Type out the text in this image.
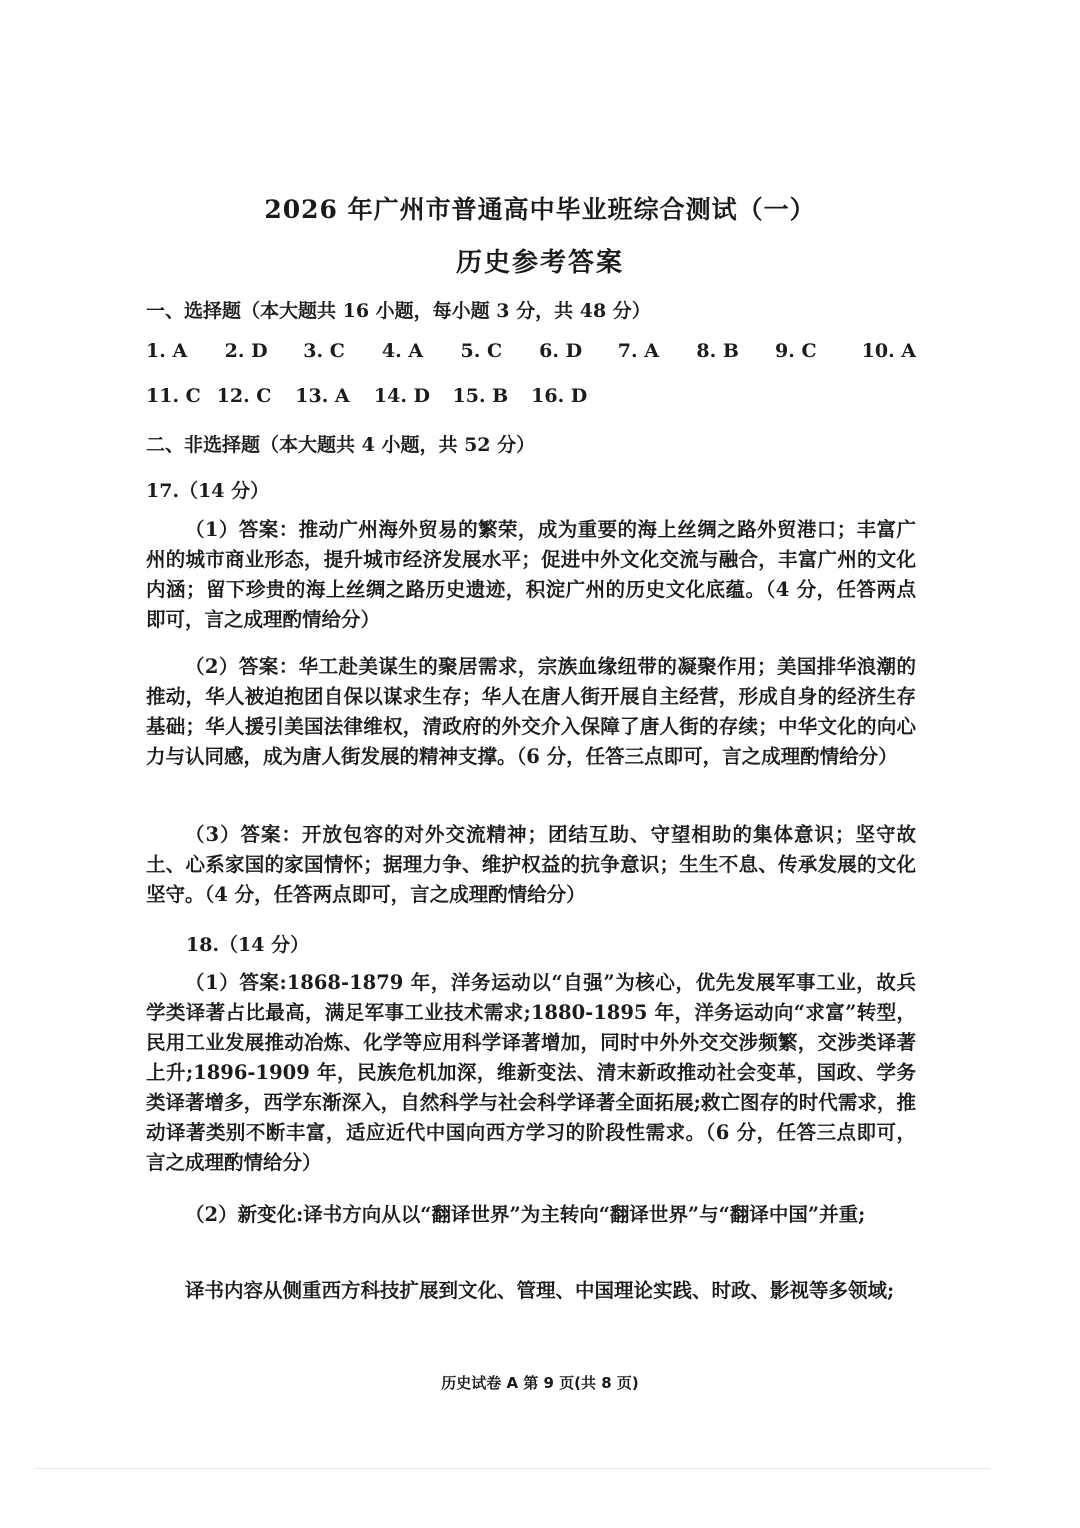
2026 年广州市普通高中毕业班综合测试（一）
历史参考答案
一、选择题（本大题共 16 小题，每小题 3 分，共 48 分）
1. A 2. D 3. C 4. A 5. C 6. D 7. A 8. B 9. C 10. A
11. C 12. C 13. A 14. D 15. B 16. D
二、非选择题（本大题共 4 小题，共 52 分）
17.（14 分）
（1）答案：推动广州海外贸易的繁荣，成为重要的海上丝绸之路外贸港口；丰富广州的城市商业形态，提升城市经济发展水平；促进中外文化交流与融合，丰富广州的文化内涵；留下珍贵的海上丝绸之路历史遗迹，积淀广州的历史文化底蕴。（4 分，任答两点即可，言之成理酌情给分）
（2）答案：华工赴美谋生的聚居需求，宗族血缘纽带的凝聚作用；美国排华浪潮的推动，华人被迫抱团自保以谋求生存；华人在唐人街开展自主经营，形成自身的经济生存基础；华人援引美国法律维权，清政府的外交介入保障了唐人街的存续；中华文化的向心力与认同感，成为唐人街发展的精神支撑。（6 分，任答三点即可，言之成理酌情给分）
（3）答案：开放包容的对外交流精神；团结互助、守望相助的集体意识；坚守故土、心系家国的家国情怀；据理力争、维护权益的抗争意识；生生不息、传承发展的文化坚守。（4 分，任答两点即可，言之成理酌情给分）
18.（14 分）
（1）答案:1868-1879 年，洋务运动以“自强”为核心，优先发展军事工业，故兵学类译著占比最高，满足军事工业技术需求;1880-1895 年，洋务运动向“求富”转型，民用工业发展推动冶炼、化学等应用科学译著增加，同时中外外交交涉频繁，交涉类译著上升;1896-1909 年，民族危机加深，维新变法、清末新政推动社会变革，国政、学务类译著增多，西学东渐深入，自然科学与社会科学译著全面拓展;救亡图存的时代需求，推动译著类别不断丰富，适应近代中国向西方学习的阶段性需求。（6 分，任答三点即可，言之成理酌情给分）
（2）新变化:译书方向从以“翻译世界”为主转向“翻译世界”与“翻译中国”并重;
译书内容从侧重西方科技扩展到文化、管理、中国理论实践、时政、影视等多领域;
历史试卷 A 第 9 页(共 8 页)
